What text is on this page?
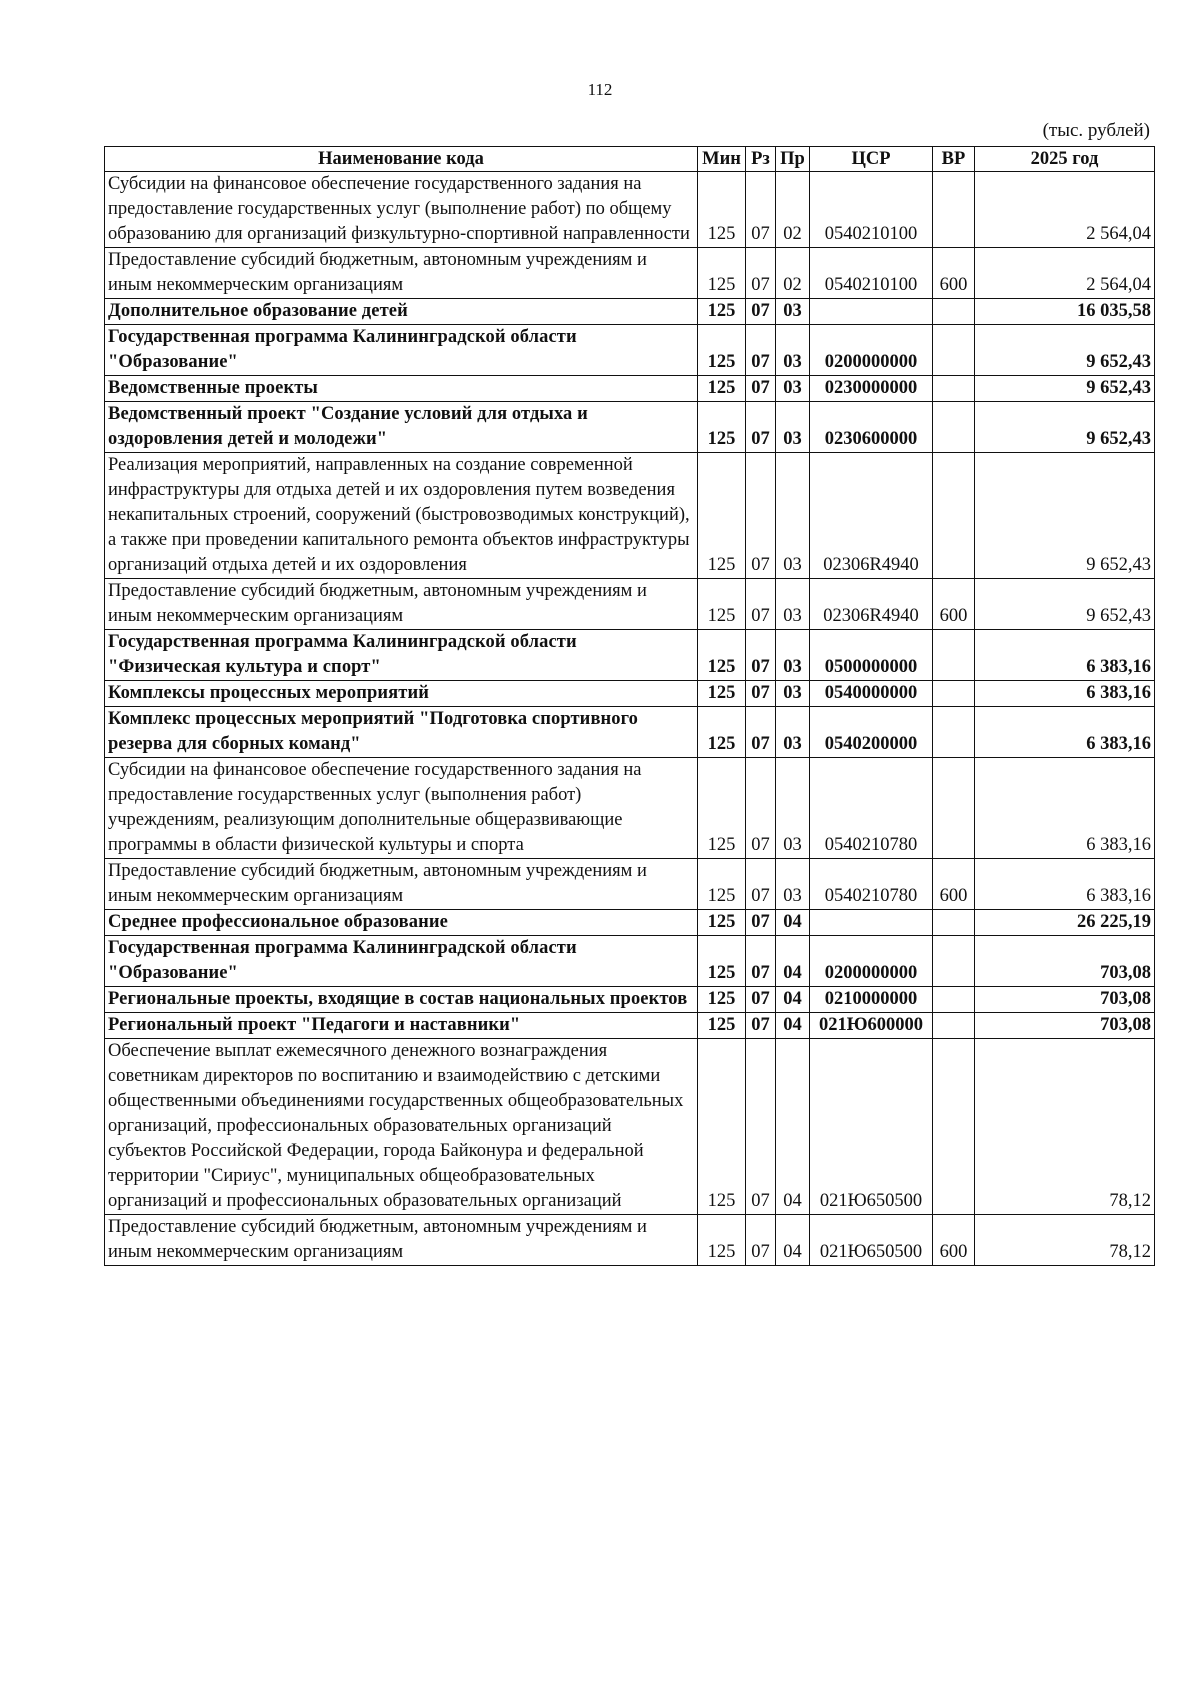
112
(тыс. рублей)
Наименование кода	Мин	Рз	Пр	ЦСР	ВР	2025 год
Субсидии на финансовое обеспечение государственного задания на предоставление государственных услуг (выполнение работ) по общему образованию для организаций физкультурно-спортивной направленности	125	07	02	0540210100		2 564,04
Предоставление субсидий бюджетным, автономным учреждениям и иным некоммерческим организациям	125	07	02	0540210100	600	2 564,04
Дополнительное образование детей	125	07	03			16 035,58
Государственная программа Калининградской области "Образование"	125	07	03	0200000000		9 652,43
Ведомственные проекты	125	07	03	0230000000		9 652,43
Ведомственный проект "Создание условий для отдыха и оздоровления детей и молодежи"	125	07	03	0230600000		9 652,43
Реализация мероприятий, направленных на создание современной инфраструктуры для отдыха детей и их оздоровления путем возведения некапитальных строений, сооружений (быстровозводимых конструкций), а также при проведении капитального ремонта объектов инфраструктуры организаций отдыха детей и их оздоровления	125	07	03	02306R4940		9 652,43
Предоставление субсидий бюджетным, автономным учреждениям и иным некоммерческим организациям	125	07	03	02306R4940	600	9 652,43
Государственная программа Калининградской области "Физическая культура и спорт"	125	07	03	0500000000		6 383,16
Комплексы процессных мероприятий	125	07	03	0540000000		6 383,16
Комплекс процессных мероприятий "Подготовка спортивного резерва для сборных команд"	125	07	03	0540200000		6 383,16
Субсидии на финансовое обеспечение государственного задания на предоставление государственных услуг (выполнения работ) учреждениям, реализующим дополнительные общеразвивающие программы в области физической культуры и спорта	125	07	03	0540210780		6 383,16
Предоставление субсидий бюджетным, автономным учреждениям и иным некоммерческим организациям	125	07	03	0540210780	600	6 383,16
Среднее профессиональное образование	125	07	04			26 225,19
Государственная программа Калининградской области "Образование"	125	07	04	0200000000		703,08
Региональные проекты, входящие в состав национальных проектов	125	07	04	0210000000		703,08
Региональный проект "Педагоги и наставники"	125	07	04	021Ю600000		703,08
Обеспечение выплат ежемесячного денежного вознаграждения советникам директоров по воспитанию и взаимодействию с детскими общественными объединениями государственных общеобразовательных организаций, профессиональных образовательных организаций субъектов Российской Федерации, города Байконура и федеральной территории "Сириус", муниципальных общеобразовательных организаций и профессиональных образовательных организаций	125	07	04	021Ю650500		78,12
Предоставление субсидий бюджетным, автономным учреждениям и иным некоммерческим организациям	125	07	04	021Ю650500	600	78,12
